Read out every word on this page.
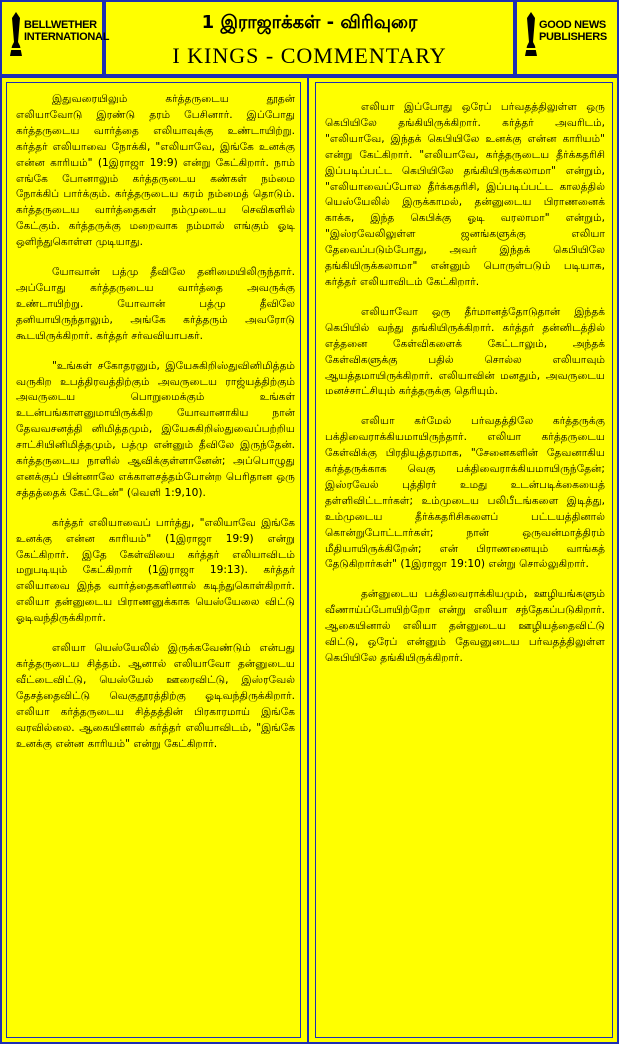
BELLWETHER
INTERNATIONAL
1 இராஜாக்கள் - விரிவுரை
I KINGS - COMMENTARY
GOOD NEWS
PUBLISHERS

இதுவரையிலும் கர்த்தருடைய தூதன் எலியாவோடு இரண்டு தரம் பேசினார். இப்போது கர்த்தருடைய வார்த்தை எலியாவுக்கு உண்டாயிற்று. கர்த்தர் எலியாவை நோக்கி, "எலியாவே, இங்கே உனக்கு என்ன காரியம்" (1இராஜா 19:9) என்று கேட்கிறார். நாம் எங்கே போனாலும் கர்த்தருடைய கண்கள் நம்மை நோக்கிப் பார்க்கும். கர்த்தருடைய கரம் நம்மைத் தொடும். கர்த்தருடைய வார்த்தைகள் நம்முடைய செவிகளில் கேட்கும். கர்த்தருக்கு மறைவாக நம்மால் எங்கும் ஓடி ஒளிந்துகொள்ள முடியாது.

யோவான் பத்மு தீவிலே தனிமையிலிருந்தார். அப்போது கர்த்தருடைய வார்த்தை அவருக்கு உண்டாயிற்று. யோவான் பத்மு தீவிலே தனியாயிருந்தாலும், அங்கே கர்த்தரும் அவரோடு கூடயிருக்கிறார். கர்த்தர் சர்வவியாபகர்.

"உங்கள் சகோதரனும், இயேசுகிறிஸ்துவினிமித்தம் வருகிற உபத்திரவத்திற்கும் அவருடைய ராஜ்யத்திற்கும் அவருடைய பொறுமைக்கும் உங்கள் உடன்பங்காளனுமாயிருக்கிற யோவானாகிய நான் தேவவசனத்தி னிமித்தமும், இயேசுகிறிஸ்துவைப்பற்றிய சாட்சியினிமித்தமும், பத்மு என்னும் தீவிலே இருந்தேன். கர்த்தருடைய நாளில் ஆவிக்குள்ளானேன்; அப்பொழுது எனக்குப் பின்னாலே எக்காளசத்தம்போன்ற பெரிதான ஒரு சத்தத்தைக் கேட்டேன்" (வெளி 1:9,10).

கர்த்தர் எலியாவைப் பார்த்து, "எலியாவே இங்கே உனக்கு என்ன காரியம்" (1இராஜா 19:9) என்று கேட்கிறார். இதே கேள்வியை கர்த்தர் எலியாவிடம் மறுபடியும் கேட்கிறார் (1இராஜா 19:13). கர்த்தர் எலியாவை இந்த வார்த்தைகளினால் கடிந்துகொள்கிறார். எலியா தன்னுடைய பிராணனுக்காக யெஸ்யேலை விட்டு ஓடிவந்திருக்கிறார்.

எலியா யெஸ்யேலில் இருக்கவேண்டும் என்பது கர்த்தருடைய சித்தம். ஆனால் எலியாவோ தன்னுடைய வீட்டைவிட்டு, யெஸ்யேல் ஊரைவிட்டு, இஸ்ரவேல் தேசத்தைவிட்டு வெகுதூரத்திற்கு ஓடிவந்திருக்கிறார். எலியா கர்த்தருடைய சித்தத்தின் பிரகாரமாய் இங்கே வரவில்லை. ஆகையினால் கர்த்தர் எலியாவிடம், "இங்கே உனக்கு என்ன காரியம்" என்று கேட்கிறார்.

எலியா இப்போது ஒரேப் பர்வதத்திலுள்ள ஒரு கெபியிலே தங்கியிருக்கிறார். கர்த்தர் அவரிடம், "எலியாவே, இந்தக் கெபியிலே உனக்கு என்ன காரியம்" என்று கேட்கிறார். "எலியாவே, கர்த்தருடைய தீர்க்கதரிசி இப்படிப்பட்ட கெபியிலே தங்கியிருக்கலாமா" என்றும், "எலியாவைப்போல தீர்க்கதரிசி, இப்படிப்பட்ட காலத்தில் யெஸ்யேலில் இருக்காமல், தன்னுடைய பிராணனைக் காக்க, இந்த கெபிக்கு ஓடி வரலாமா" என்றும், "இஸ்ரவேலிலுள்ள ஜனங்களுக்கு எலியா தேவைப்படும்போது, அவர் இந்தக் கெபியிலே தங்கியிருக்கலாமா" என்னும் பொருள்படும் படியாக, கர்த்தர் எலியாவிடம் கேட்கிறார்.

எலியாவோ ஒரு தீர்மானத்தோடுதான் இந்தக் கெபியில் வந்து தங்கியிருக்கிறார். கர்த்தர் தன்னிடத்தில் எத்தனை கேள்விகளைக் கேட்டாலும், அந்தக் கேள்விகளுக்கு பதில் சொல்ல எலியாவும் ஆயத்தமாயிருக்கிறார். எலியாவின் மனதும், அவருடைய மனச்சாட்சியும் கர்த்தருக்கு தெரியும்.

எலியா கர்மேல் பர்வதத்திலே கர்த்தருக்கு பக்திவைராக்கியமாயிருந்தார். எலியா கர்த்தருடைய கேள்விக்கு பிரதியுத்தரமாக, "சேனைகளின் தேவனாகிய கர்த்தருக்காக வெகு பக்திவைராக்கியமாயிருந்தேன்; இஸ்ரவேல் புத்திரர் உமது உடன்படிக்கையைத் தள்ளிவிட்டார்கள்; உம்முடைய பலிபீடங்களை இடித்து, உம்முடைய தீர்க்கதரிசிகளைப் பட்டயத்தினால் கொன்றுபோட்டார்கள்; நான் ஒருவன்மாத்திரம் மீதியாயிருக்கிறேன்; என் பிராணனையும் வாங்கத் தேடுகிறார்கள்" (1இராஜா 19:10) என்று சொல்லுகிறார்.

தன்னுடைய பக்திவைராக்கியமும், ஊழியங்களும் வீணாய்ப்போயிற்றோ என்று எலியா சந்தேகப்படுகிறார். ஆகையினால் எலியா தன்னுடைய ஊழியத்தைவிட்டு விட்டு, ஒரேப் என்னும் தேவனுடைய பர்வதத்திலுள்ள கெபியிலே தங்கியிருக்கிறார்.
